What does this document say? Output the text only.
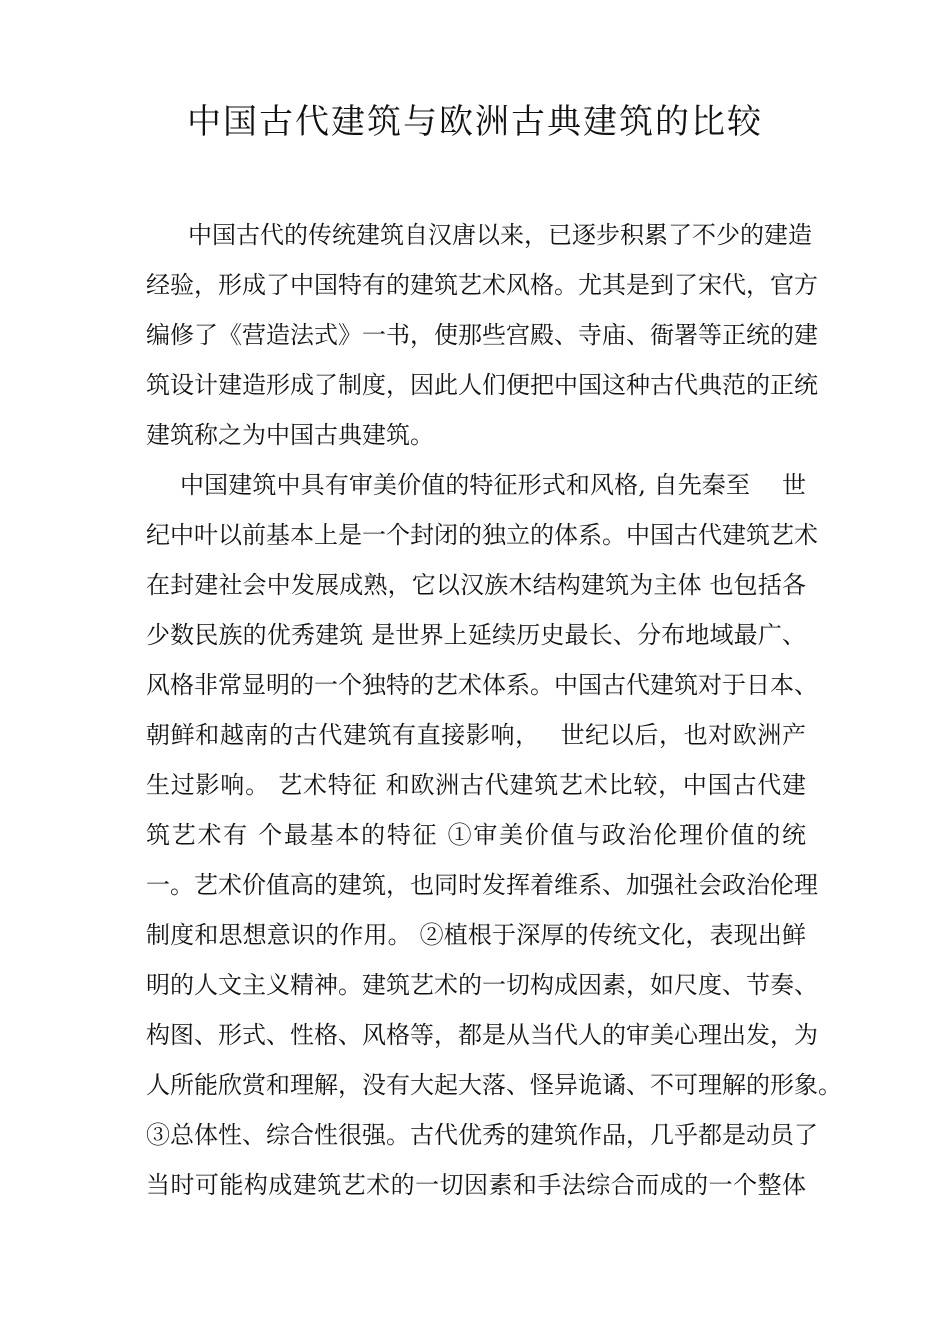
中国古代建筑与欧洲古典建筑的比较
中国古代的传统建筑自汉唐以来，已逐步积累了不少的建造
经验，形成了中国特有的建筑艺术风格。尤其是到了宋代，官方
编修了《营造法式》一书，使那些宫殿、寺庙、衙署等正统的建
筑设计建造形成了制度，因此人们便把中国这种古代典范的正统
建筑称之为中国古典建筑。
中国建筑中具有审美价值的特征形式和风格, 自先秦至　 世
纪中叶以前基本上是一个封闭的独立的体系。中国古代建筑艺术
在封建社会中发展成熟，它以汉族木结构建筑为主体 也包括各
少数民族的优秀建筑 是世界上延续历史最长、分布地域最广、
风格非常显明的一个独特的艺术体系。中国古代建筑对于日本、
朝鲜和越南的古代建筑有直接影响，　 世纪以后，也对欧洲产
生过影响。 艺术特征 和欧洲古代建筑艺术比较，中国古代建
筑艺术有 个最基本的特征 ①审美价值与政治伦理价值的统
一。艺术价值高的建筑，也同时发挥着维系、加强社会政治伦理
制度和思想意识的作用。 ②植根于深厚的传统文化，表现出鲜
明的人文主义精神。建筑艺术的一切构成因素，如尺度、节奏、
构图、形式、性格、风格等，都是从当代人的审美心理出发，为
人所能欣赏和理解，没有大起大落、怪异诡谲、不可理解的形象。
③总体性、综合性很强。古代优秀的建筑作品，几乎都是动员了
当时可能构成建筑艺术的一切因素和手法综合而成的一个整体
